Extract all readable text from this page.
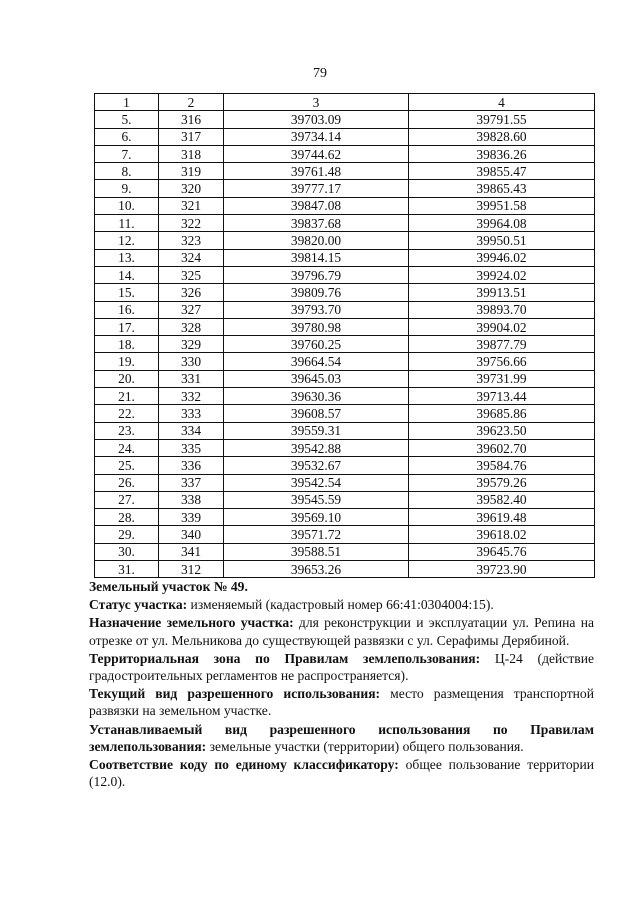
79
1	2	3	4
5.	316	39703.09	39791.55
6.	317	39734.14	39828.60
7.	318	39744.62	39836.26
8.	319	39761.48	39855.47
9.	320	39777.17	39865.43
10.	321	39847.08	39951.58
11.	322	39837.68	39964.08
12.	323	39820.00	39950.51
13.	324	39814.15	39946.02
14.	325	39796.79	39924.02
15.	326	39809.76	39913.51
16.	327	39793.70	39893.70
17.	328	39780.98	39904.02
18.	329	39760.25	39877.79
19.	330	39664.54	39756.66
20.	331	39645.03	39731.99
21.	332	39630.36	39713.44
22.	333	39608.57	39685.86
23.	334	39559.31	39623.50
24.	335	39542.88	39602.70
25.	336	39532.67	39584.76
26.	337	39542.54	39579.26
27.	338	39545.59	39582.40
28.	339	39569.10	39619.48
29.	340	39571.72	39618.02
30.	341	39588.51	39645.76
31.	312	39653.26	39723.90

Земельный участок № 49.

Статус участка: изменяемый (кадастровый номер 66:41:0304004:15).

Назначение земельного участка: для реконструкции и эксплуатации ул. Репина на отрезке от ул. Мельникова до существующей развязки с ул. Серафимы Дерябиной.

Территориальная зона по Правилам землепользования: Ц-24 (действие градостроительных регламентов не распространяется).

Текущий вид разрешенного использования: место размещения транспортной развязки на земельном участке.

Устанавливаемый вид разрешенного использования по Правилам землепользования: земельные участки (территории) общего пользования.

Соответствие коду по единому классификатору: общее пользование территории (12.0).
